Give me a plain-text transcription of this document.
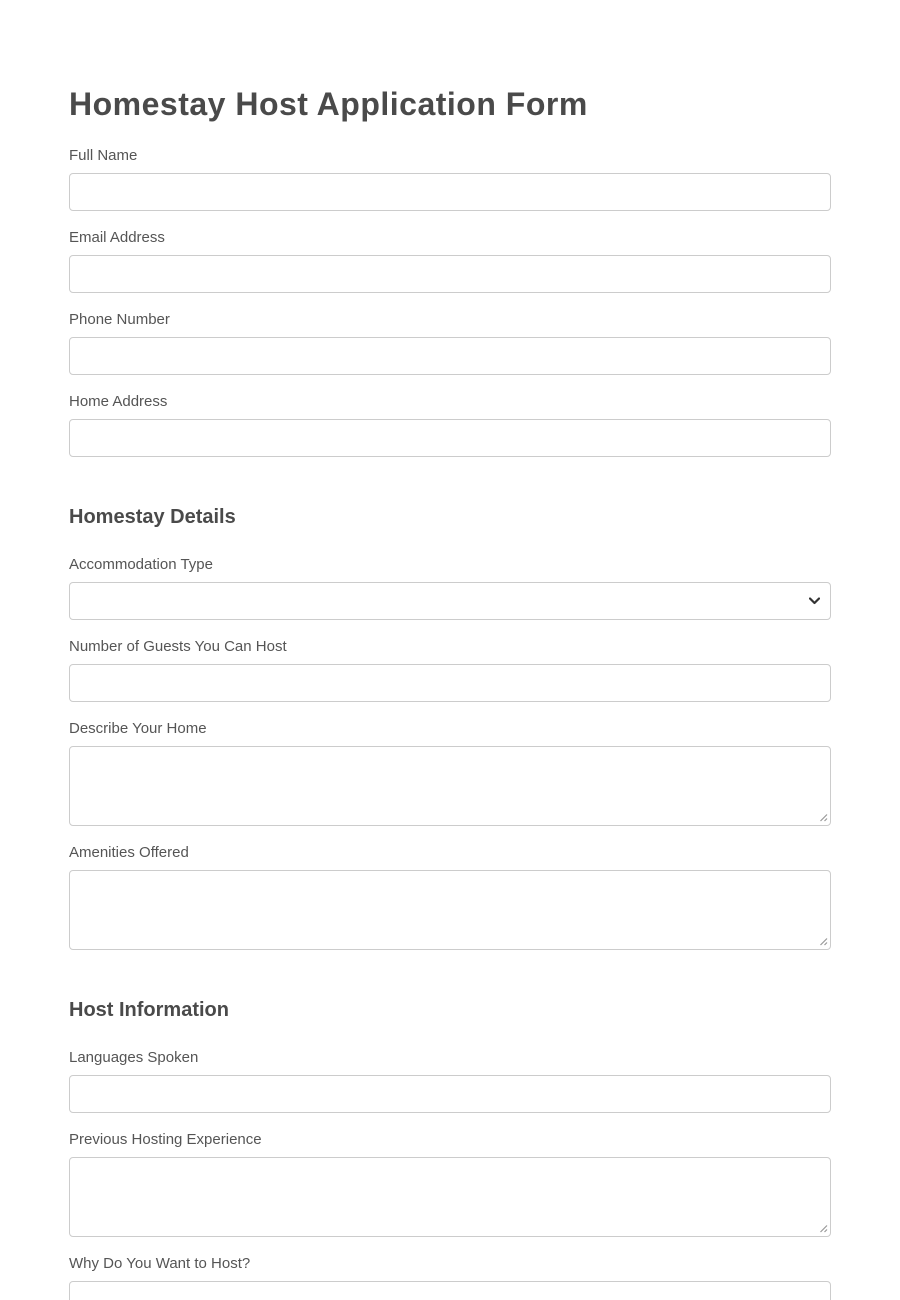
Homestay Host Application Form
Full Name
Email Address
Phone Number
Home Address
Homestay Details
Accommodation Type
Number of Guests You Can Host
Describe Your Home
Amenities Offered
Host Information
Languages Spoken
Previous Hosting Experience
Why Do You Want to Host?
